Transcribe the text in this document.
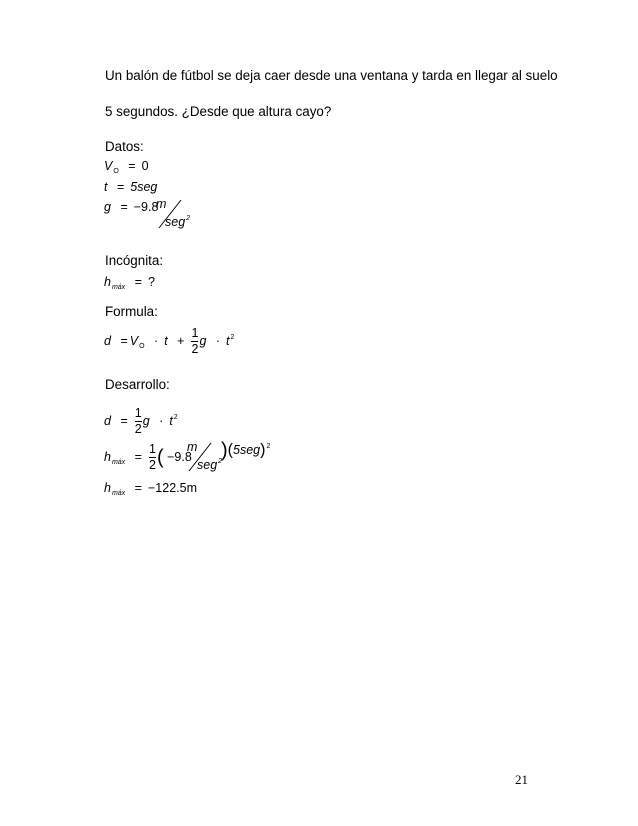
Un balón de fútbol se deja caer desde una ventana y tarda en llegar al suelo
5 segundos. ¿Desde que altura cayo?
Datos:
$V_O = 0$
t = 5seg
g = −9.8
m
seg$^2$
Incógnita:
$h_{máx}$ = ?
Formula:
$d = V_O \cdot t + \frac{1}{2}$ $g \cdot t^2$
Desarrollo:
$d = \frac{1}{2}$ $g \cdot t^2$
$h_{máx} = \frac{1}{2}$ ( −9.8
m
seg$^2$
)$(5seg)^2$
$h_{máx} = -122.5m$
21
